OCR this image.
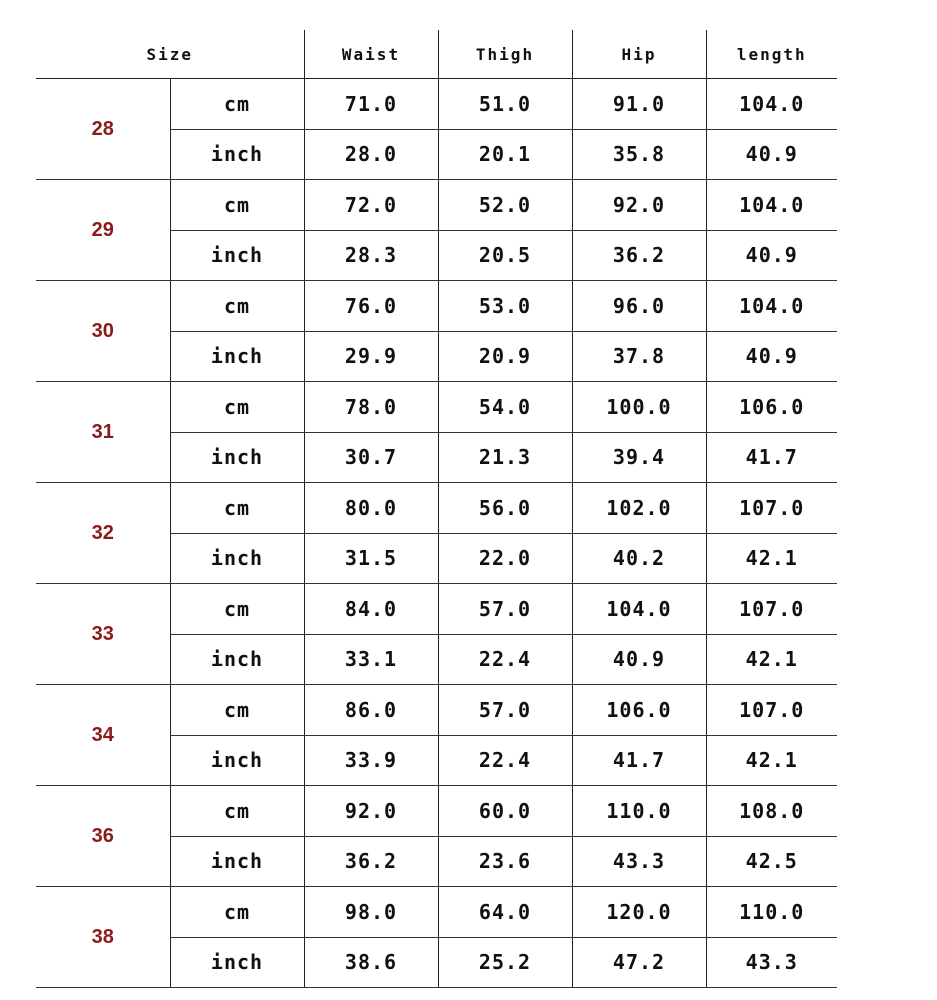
Size		Waist	Thigh	Hip	length
28	cm	71.0	51.0	91.0	104.0
	inch	28.0	20.1	35.8	40.9
29	cm	72.0	52.0	92.0	104.0
	inch	28.3	20.5	36.2	40.9
30	cm	76.0	53.0	96.0	104.0
	inch	29.9	20.9	37.8	40.9
31	cm	78.0	54.0	100.0	106.0
	inch	30.7	21.3	39.4	41.7
32	cm	80.0	56.0	102.0	107.0
	inch	31.5	22.0	40.2	42.1
33	cm	84.0	57.0	104.0	107.0
	inch	33.1	22.4	40.9	42.1
34	cm	86.0	57.0	106.0	107.0
	inch	33.9	22.4	41.7	42.1
36	cm	92.0	60.0	110.0	108.0
	inch	36.2	23.6	43.3	42.5
38	cm	98.0	64.0	120.0	110.0
	inch	38.6	25.2	47.2	43.3
